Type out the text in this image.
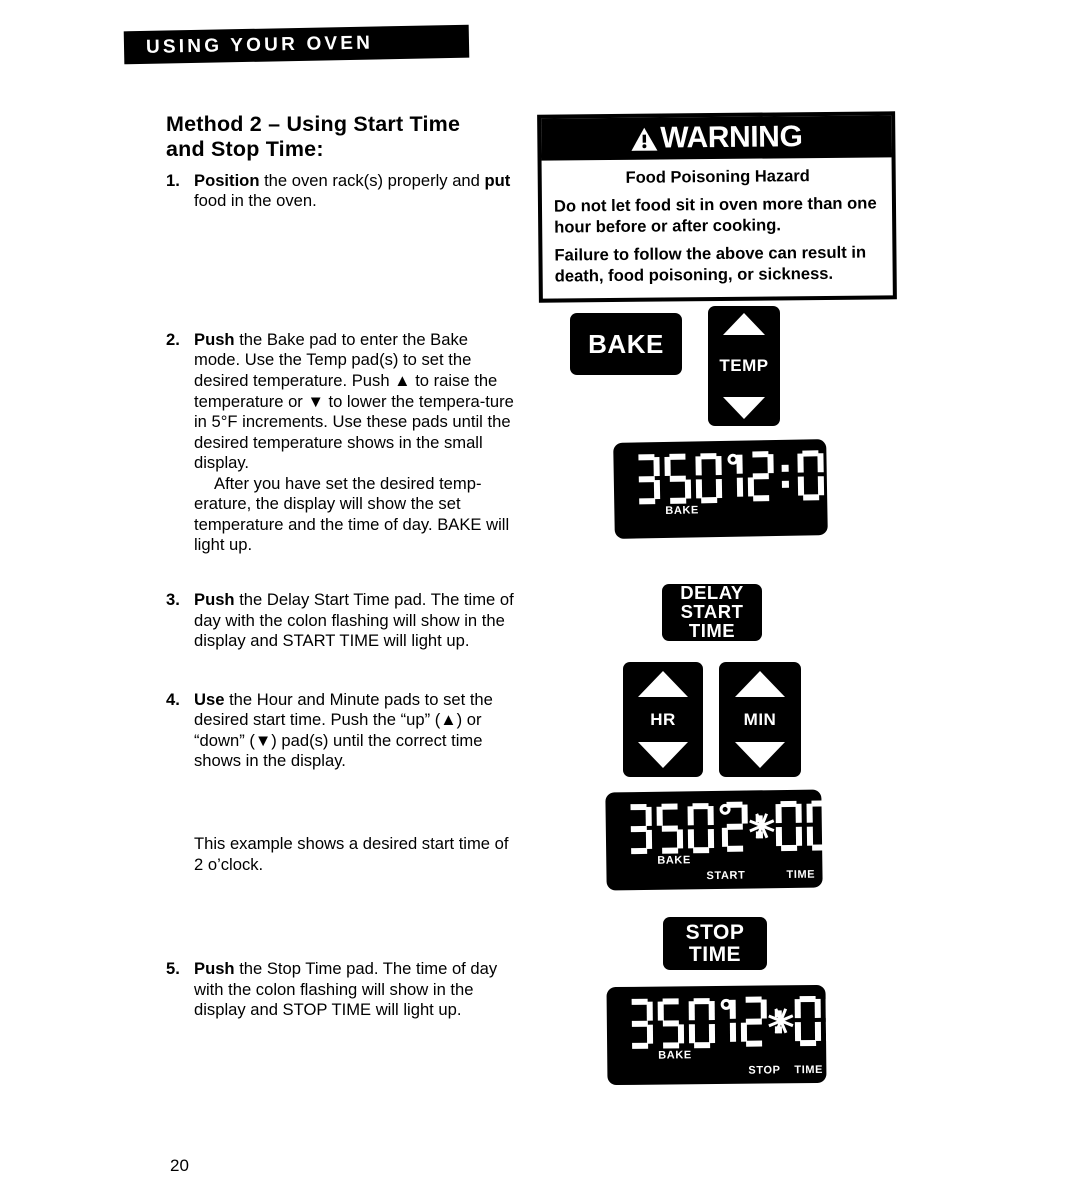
USING YOUR OVEN
Method 2 – Using Start Time
and Stop Time:
1. Position the oven rack(s) properly and put food in the oven.
2. Push the Bake pad to enter the Bake mode. Use the Temp pad(s) to set the desired temperature. Push ▲ to raise the temperature or ▼ to lower the tempera-ture in 5°F increments. Use these pads until the desired temperature shows in the small display.
After you have set the desired temp-erature, the display will show the set temperature and the time of day. BAKE will light up.
3. Push the Delay Start Time pad. The time of day with the colon flashing will show in the display and START TIME will light up.
4. Use the Hour and Minute pads to set the desired start time. Push the “up” (▲) or “down” (▼) pad(s) until the correct time shows in the display.
This example shows a desired start time of 2 o’clock.
5. Push the Stop Time pad. The time of day with the colon flashing will show in the display and STOP TIME will light up.
20
WARNING
Food Poisoning Hazard
Do not let food sit in oven more than one hour before or after cooking.
Failure to follow the above can result in death, food poisoning, or sickness.
BAKE
TEMP
DELAY
START
TIME
HR	MIN
STOP
TIME
BAKE
BAKE
START	TIME
BAKE
STOP TIME
